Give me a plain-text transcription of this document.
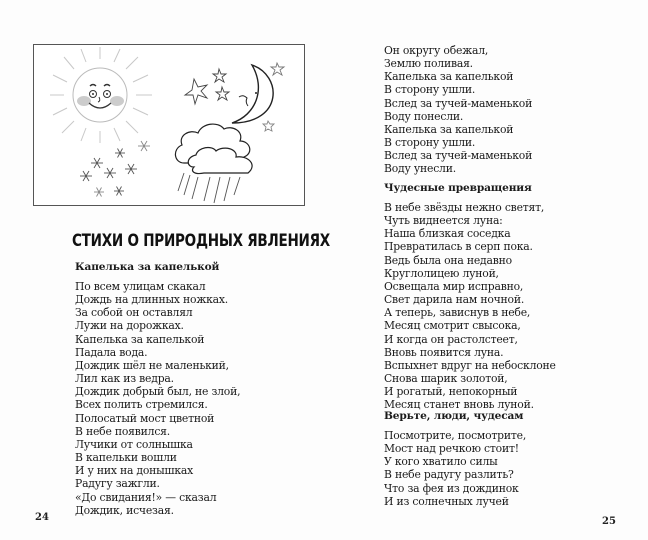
СТИХИ О ПРИРОДНЫХ ЯВЛЕНИЯХ
Капелька за капелькой
По всем улицам скакал
Дождь на длинных ножках.
За собой он оставлял
Лужи на дорожках.
Капелька за капелькой
Падала вода.
Дождик шёл не маленький,
Лил как из ведра.
Дождик добрый был, не злой,
Всех полить стремился.
Полосатый мост цветной
В небе появился.
Лучики от солнышка
В капельки вошли
И у них на донышках
Радугу зажгли.
«До свидания!» — сказал
Дождик, исчезая.
24
Он округу обежал,
Землю поливая.
Капелька за капелькой
В сторону ушли.
Вслед за тучей-маменькой
Воду понесли.
Капелька за капелькой
В сторону ушли.
Вслед за тучей-маменькой
Воду унесли.
Чудесные превращения
В небе звёзды нежно светят,
Чуть виднеется луна:
Наша близкая соседка
Превратилась в серп пока.
Ведь была она недавно
Круглолицею луной,
Освещала мир исправно,
Свет дарила нам ночной.
А теперь, зависнув в небе,
Месяц смотрит свысока,
И когда он растолстеет,
Вновь появится луна.
Вспыхнет вдруг на небосклоне
Снова шарик золотой,
И рогатый, непокорный
Месяц станет вновь луной.
Верьте, люди, чудесам
Посмотрите, посмотрите,
Мост над речкою стоит!
У кого хватило силы
В небе радугу разлить?
Что за фея из дождинок
И из солнечных лучей
25
